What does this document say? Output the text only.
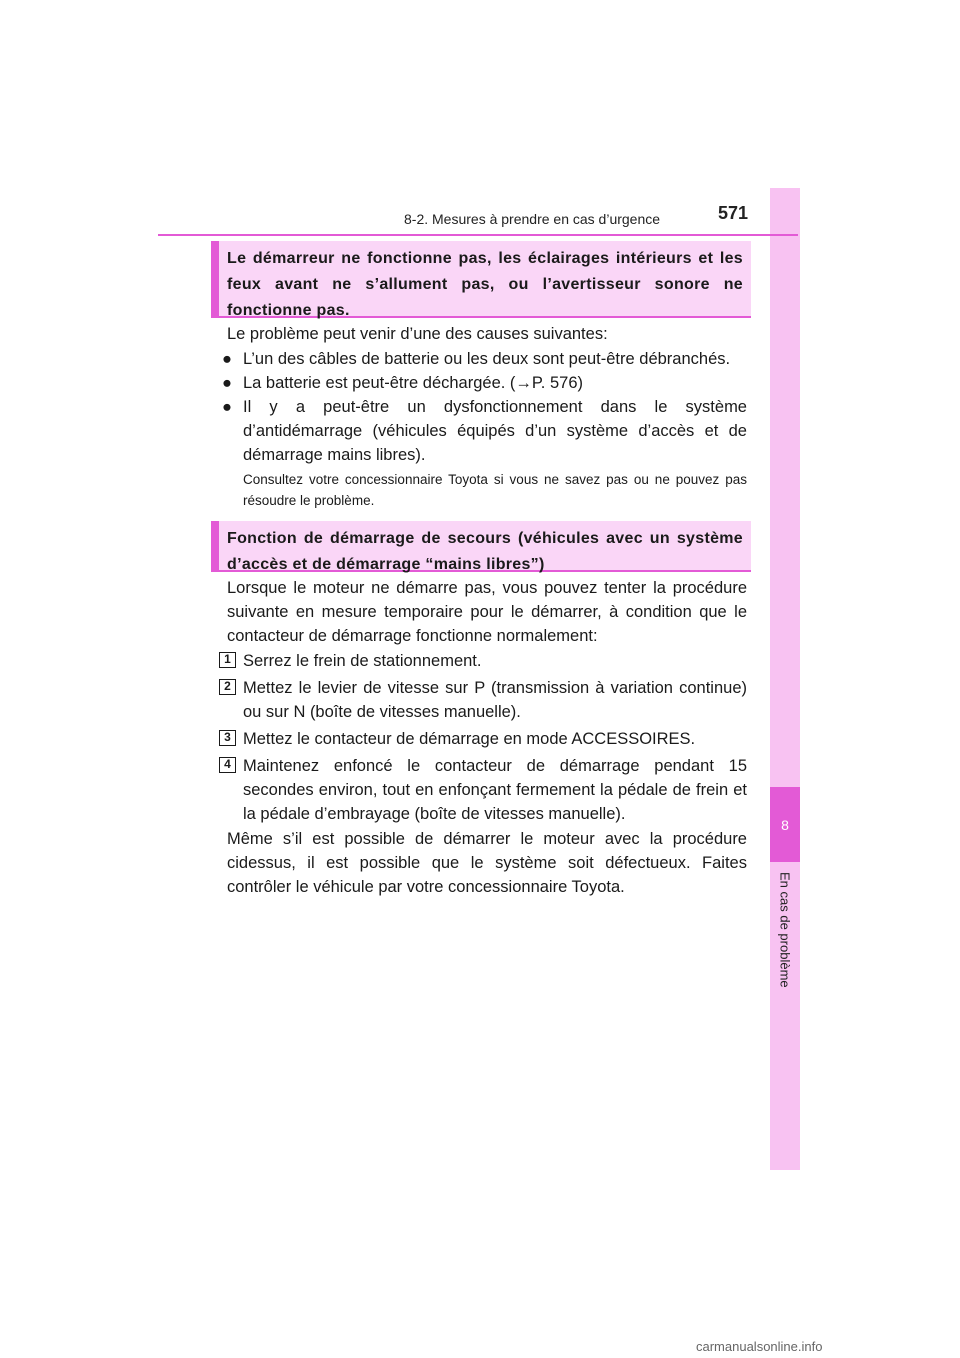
8
En cas de problème
8-2. Mesures à prendre en cas d’urgence	571
Le démarreur ne fonctionne pas, les éclairages intérieurs et les feux avant ne s’allument pas, ou l’avertisseur sonore ne fonctionne pas.
Le problème peut venir d’une des causes suivantes:
● L’un des câbles de batterie ou les deux sont peut-être débranchés.
● La batterie est peut-être déchargée. (→P. 576)
● Il y a peut-être un dysfonctionnement dans le système d’antidémarrage (véhicules équipés d’un système d’accès et de démarrage mains libres).
Consultez votre concessionnaire Toyota si vous ne savez pas ou ne pouvez pas résoudre le problème.
Fonction de démarrage de secours (véhicules avec un système d’accès et de démarrage “mains libres”)
Lorsque le moteur ne démarre pas, vous pouvez tenter la procédure suivante en mesure temporaire pour le démarrer, à condition que le contacteur de démarrage fonctionne normalement:
1 Serrez le frein de stationnement.
2 Mettez le levier de vitesse sur P (transmission à variation continue) ou sur N (boîte de vitesses manuelle).
3 Mettez le contacteur de démarrage en mode ACCESSOIRES.
4 Maintenez enfoncé le contacteur de démarrage pendant 15 secondes environ, tout en enfonçant fermement la pédale de frein et la pédale d’embrayage (boîte de vitesses manuelle).
Même s’il est possible de démarrer le moteur avec la procédure cidessus, il est possible que le système soit défectueux. Faites contrôler le véhicule par votre concessionnaire Toyota.
carmanualsonline.info
